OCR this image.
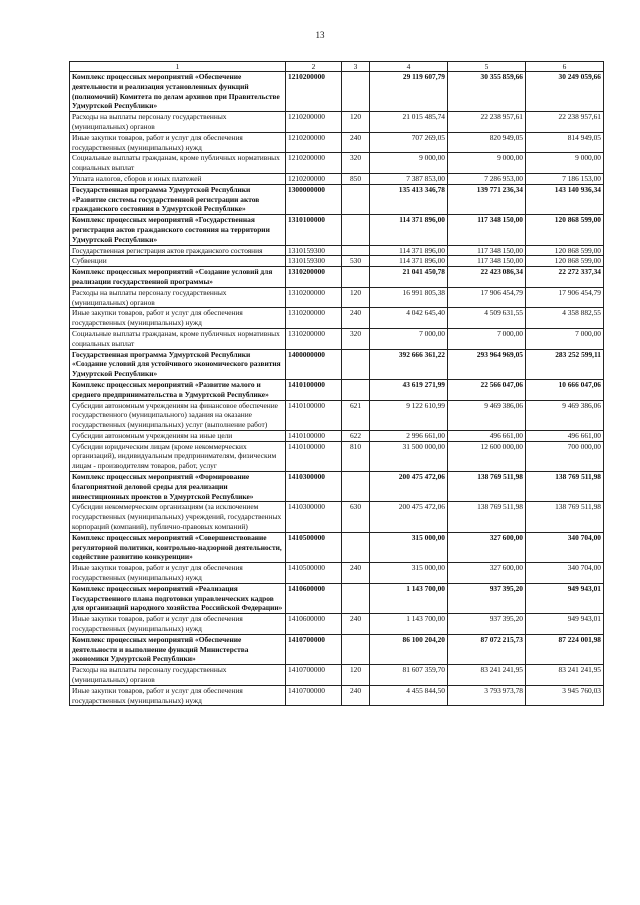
13
1	2	3	4	5	6
Комплекс процессных мероприятий «Обеспечение деятельности и реализация установленных функций (полномочий) Комитета по делам архивов при Правительстве Удмуртской Республики»	1210200000		29 119 607,79	30 355 859,66	30 249 059,66
Расходы на выплаты персоналу государственных (муниципальных) органов	1210200000	120	21 015 485,74	22 238 957,61	22 238 957,61
Иные закупки товаров, работ и услуг для обеспечения государственных (муниципальных) нужд	1210200000	240	707 269,05	820 949,05	814 949,05
Социальные выплаты гражданам, кроме публичных нормативных социальных выплат	1210200000	320	9 000,00	9 000,00	9 000,00
Уплата налогов, сборов и иных платежей	1210200000	850	7 387 853,00	7 286 953,00	7 186 153,00
Государственная программа Удмуртской Республики «Развитие системы государственной регистрации актов гражданского состояния в Удмуртской Республике»	1300000000		135 413 346,78	139 771 236,34	143 140 936,34
Комплекс процессных мероприятий «Государственная регистрация актов гражданского состояния на территории Удмуртской Республики»	1310100000		114 371 896,00	117 348 150,00	120 868 599,00
Государственная регистрация актов гражданского состояния	1310159300		114 371 896,00	117 348 150,00	120 868 599,00
Субвенции	1310159300	530	114 371 896,00	117 348 150,00	120 868 599,00
Комплекс процессных мероприятий «Создание условий для реализации государственной программы»	1310200000		21 041 450,78	22 423 086,34	22 272 337,34
Расходы на выплаты персоналу государственных (муниципальных) органов	1310200000	120	16 991 805,38	17 906 454,79	17 906 454,79
Иные закупки товаров, работ и услуг для обеспечения государственных (муниципальных) нужд	1310200000	240	4 042 645,40	4 509 631,55	4 358 882,55
Социальные выплаты гражданам, кроме публичных нормативных социальных выплат	1310200000	320	7 000,00	7 000,00	7 000,00
Государственная программа Удмуртской Республики «Создание условий для устойчивого экономического развития Удмуртской Республики»	1400000000		392 666 361,22	293 964 969,05	283 252 599,11
Комплекс процессных мероприятий «Развитие малого и среднего предпринимательства в Удмуртской Республике»	1410100000		43 619 271,99	22 566 047,06	10 666 047,06
Субсидии автономным учреждениям на финансовое обеспечение государственного (муниципального) задания на оказание государственных (муниципальных) услуг (выполнение работ)	1410100000	621	9 122 610,99	9 469 386,06	9 469 386,06
Субсидии автономным учреждениям на иные цели	1410100000	622	2 996 661,00	496 661,00	496 661,00
Субсидии юридическим лицам (кроме некоммерческих организаций), индивидуальным предпринимателям, физическим лицам - производителям товаров, работ, услуг	1410100000	810	31 500 000,00	12 600 000,00	700 000,00
Комплекс процессных мероприятий «Формирование благоприятной деловой среды для реализации инвестиционных проектов в Удмуртской Республике»	1410300000		200 475 472,06	138 769 511,98	138 769 511,98
Субсидии некоммерческим организациям (за исключением государственных (муниципальных) учреждений, государственных корпораций (компаний), публично-правовых компаний)	1410300000	630	200 475 472,06	138 769 511,98	138 769 511,98
Комплекс процессных мероприятий «Совершенствование регуляторной политики, контрольно-надзорной деятельности, содействие развитию конкуренции»	1410500000		315 000,00	327 600,00	340 704,00
Иные закупки товаров, работ и услуг для обеспечения государственных (муниципальных) нужд	1410500000	240	315 000,00	327 600,00	340 704,00
Комплекс процессных мероприятий «Реализация Государственного плана подготовки управленческих кадров для организаций народного хозяйства Российской Федерации»	1410600000		1 143 700,00	937 395,20	949 943,01
Иные закупки товаров, работ и услуг для обеспечения государственных (муниципальных) нужд	1410600000	240	1 143 700,00	937 395,20	949 943,01
Комплекс процессных мероприятий «Обеспечение деятельности и выполнение функций Министерства экономики Удмуртской Республики»	1410700000		86 100 204,20	87 072 215,73	87 224 001,98
Расходы на выплаты персоналу государственных (муниципальных) органов	1410700000	120	81 607 359,70	83 241 241,95	83 241 241,95
Иные закупки товаров, работ и услуг для обеспечения государственных (муниципальных) нужд	1410700000	240	4 455 844,50	3 793 973,78	3 945 760,03
